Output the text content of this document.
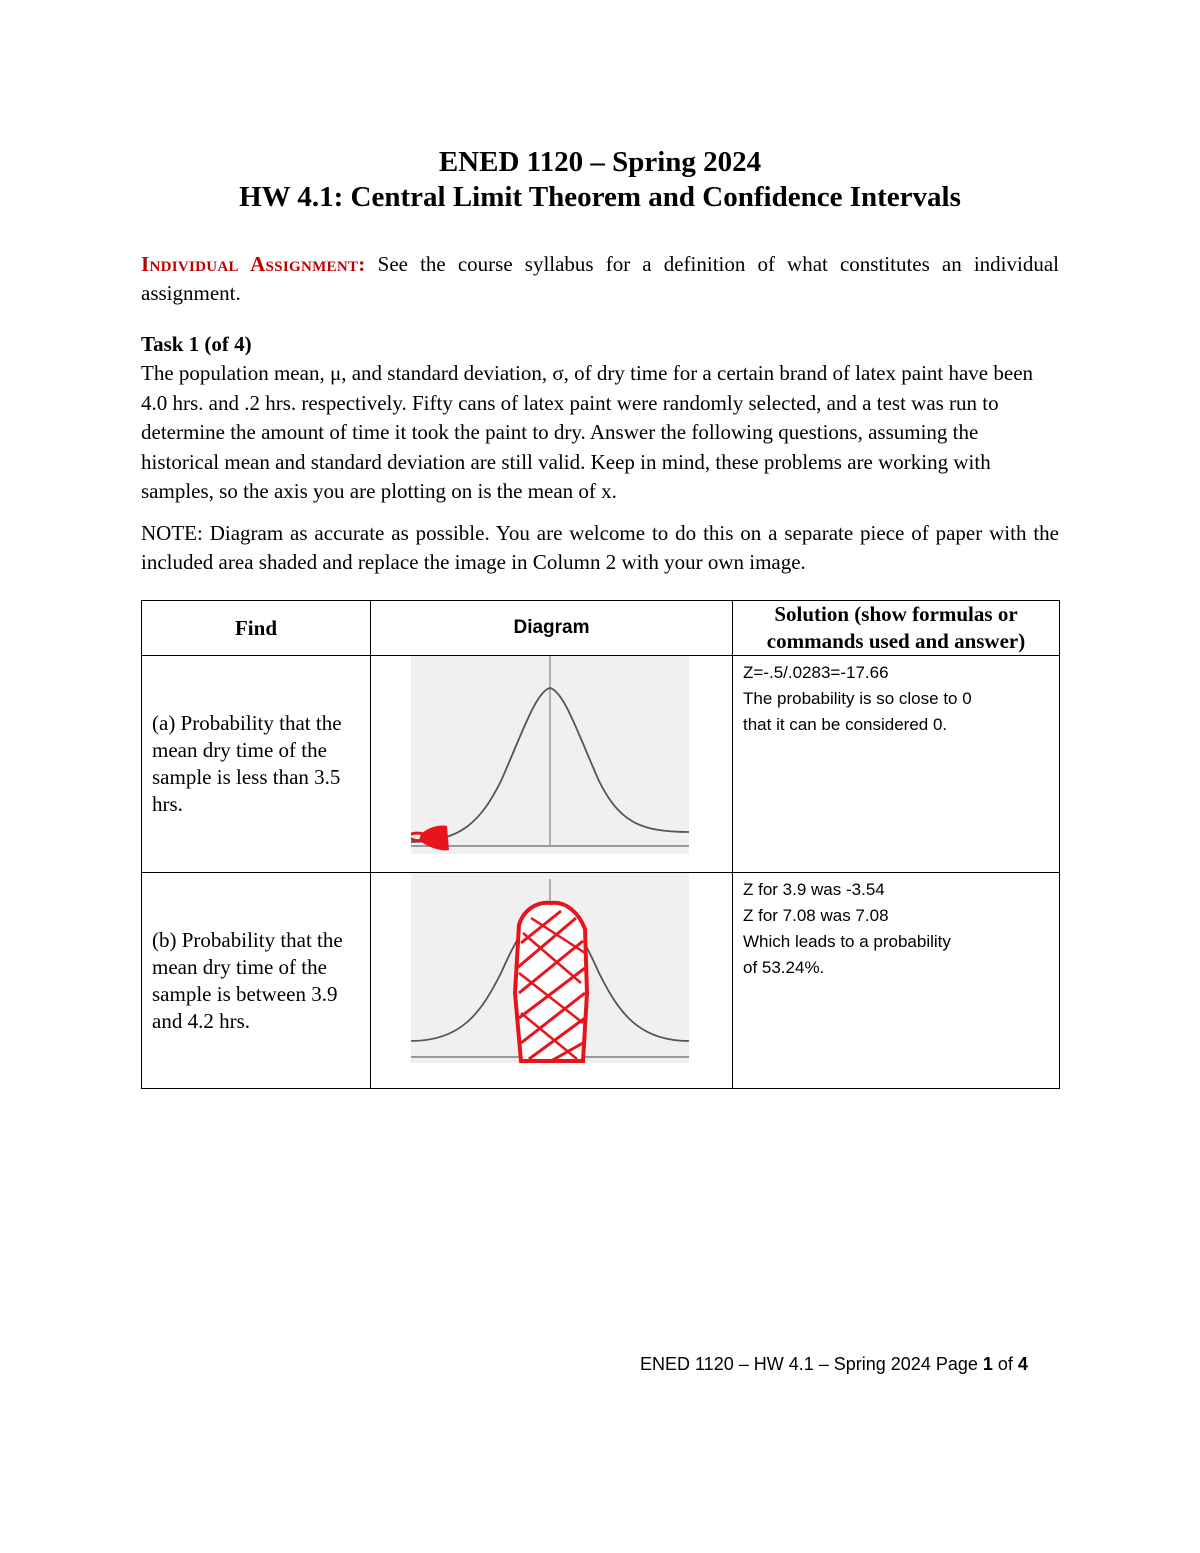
ENED 1120 – Spring 2024
HW 4.1: Central Limit Theorem and Confidence Intervals
Individual Assignment: See the course syllabus for a definition of what constitutes an individual assignment.
Task 1 (of 4)
The population mean, μ, and standard deviation, σ, of dry time for a certain brand of latex paint have been 4.0 hrs. and .2 hrs. respectively. Fifty cans of latex paint were randomly selected, and a test was run to determine the amount of time it took the paint to dry. Answer the following questions, assuming the historical mean and standard deviation are still valid. Keep in mind, these problems are working with samples, so the axis you are plotting on is the mean of x.
NOTE: Diagram as accurate as possible. You are welcome to do this on a separate piece of paper with the included area shaded and replace the image in Column 2 with your own image.
Find	Diagram	Solution (show formulas or commands used and answer)
(a) Probability that the mean dry time of the sample is less than 3.5 hrs.		Z=-.5/.0283=-17.66
The probability is so close to 0
that it can be considered 0.

(b) Probability that the mean dry time of the sample is between 3.9 and 4.2 hrs.		Z for 3.9 was -3.54
Z for 7.08 was 7.08
Which leads to a probability
of 53.24%.
ENED 1120 – HW 4.1 – Spring 2024 Page 1 of 4
